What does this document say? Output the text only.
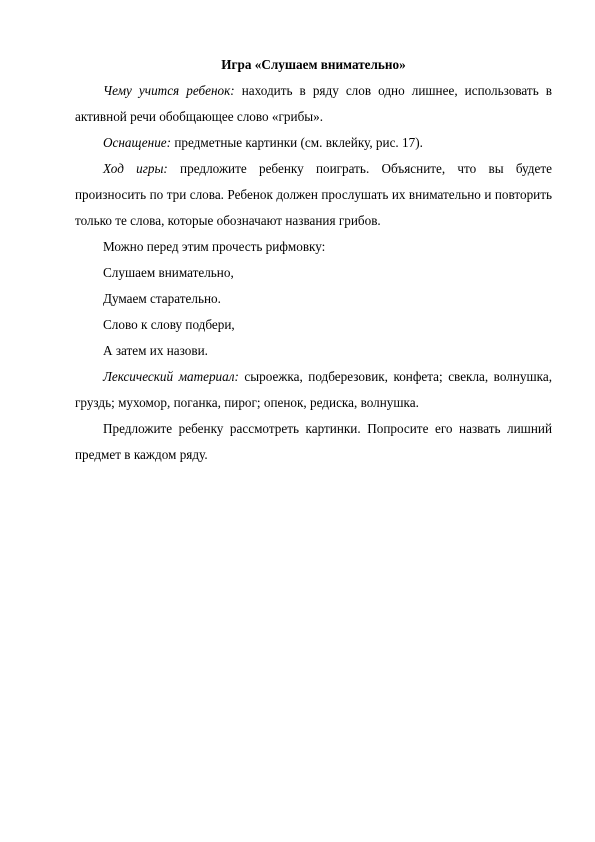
Игра «Слушаем внимательно»

Чему учится ребенок: находить в ряду слов одно лишнее, использовать в активной речи обобщающее слово «грибы».

Оснащение: предметные картинки (см. вклейку, рис. 17).

Ход игры: предложите ребенку поиграть. Объясните, что вы будете произносить по три слова. Ребенок должен прослушать их внимательно и повторить только те слова, которые обозначают названия грибов.

Можно перед этим прочесть рифмовку:

Слушаем внимательно,

Думаем старательно.

Слово к слову подбери,

А затем их назови.

Лексический материал: сыроежка, подберезовик, конфета; свекла, волнушка, груздь; мухомор, поганка, пирог; опенок, редиска, волнушка.

Предложите ребенку рассмотреть картинки. Попросите его назвать лишний предмет в каждом ряду.
